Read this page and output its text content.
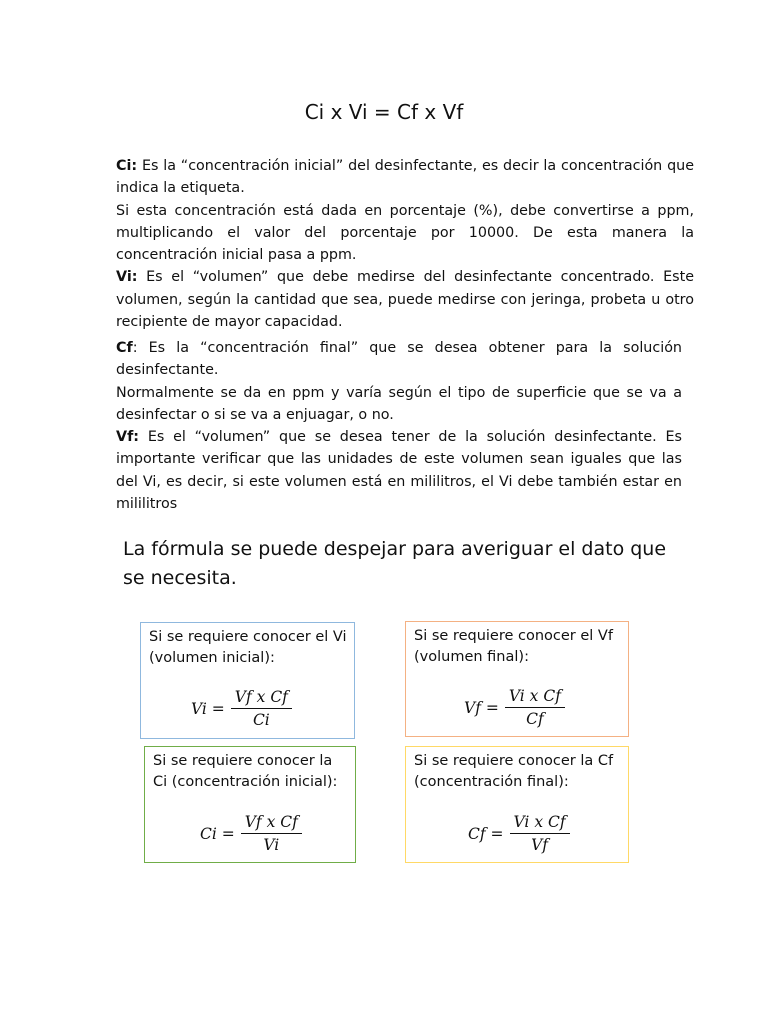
Ci x Vi = Cf x Vf

Ci: Es la “concentración inicial” del desinfectante, es decir la concentración que indica la etiqueta.

Si esta concentración está dada en porcentaje (%), debe convertirse a ppm, multiplicando el valor del porcentaje por 10000. De esta manera la concentración inicial pasa a ppm.

Vi: Es el “volumen” que debe medirse del desinfectante concentrado. Este volumen, según la cantidad que sea, puede medirse con jeringa, probeta u otro recipiente de mayor capacidad.

Cf: Es la “concentración final” que se desea obtener para la solución desinfectante.

Normalmente se da en ppm y varía según el tipo de superficie que se va a desinfectar o si se va a enjuagar, o no.

Vf: Es el “volumen” que se desea tener de la solución desinfectante. Es importante verificar que las unidades de este volumen sean iguales que las del Vi, es decir, si este volumen está en mililitros, el Vi debe también estar en mililitros

La fórmula se puede despejar para averiguar el dato que se necesita.

Si se requiere conocer el Vi (volumen inicial):

$Vi = \frac{\text{Vf x Cf}}{Ci}$

Si se requiere conocer el Vf (volumen final):

$Vf = \frac{\text{Vi x Cf}}{Cf}$

Si se requiere conocer la Ci (concentración inicial):

$Ci = \frac{\text{Vf x Cf}}{Vi}$

Si se requiere conocer la Cf (concentración final):

$Cf = \frac{\text{Vi x Cf}}{Vf}$
